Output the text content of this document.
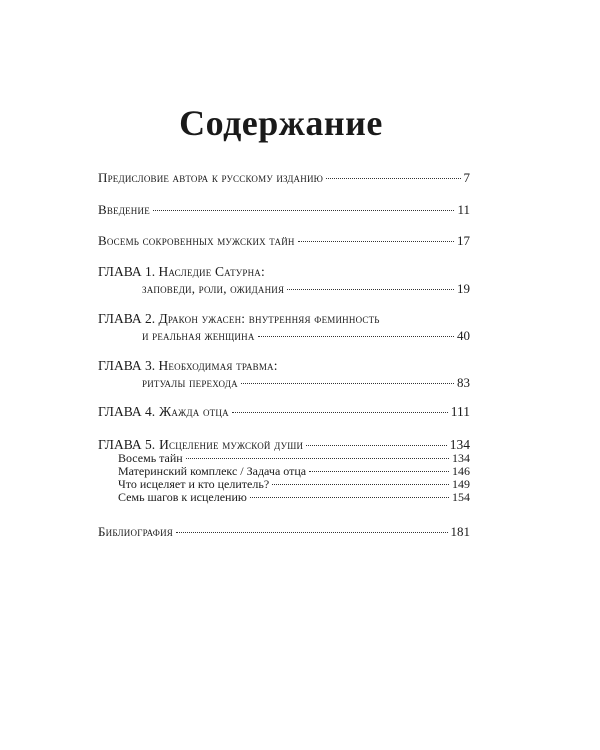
Содержание
Предисловие автора к русскому изданию	7
Введение	11
Восемь сокровенных мужских тайн	17
ГЛАВА 1. Наследие Сатурна:
заповеди, роли, ожидания	19
ГЛАВА 2. Дракон ужасен: внутренняя феминность
и реальная женщина	40
ГЛАВА 3. Необходимая травма:
ритуалы перехода	83
ГЛАВА 4. Жажда отца	111
ГЛАВА 5. Исцеление мужской души	134
Восемь тайн	134
Материнский комплекс / Задача отца	146
Что исцеляет и кто целитель?	149
Семь шагов к исцелению	154
Библиография	181
